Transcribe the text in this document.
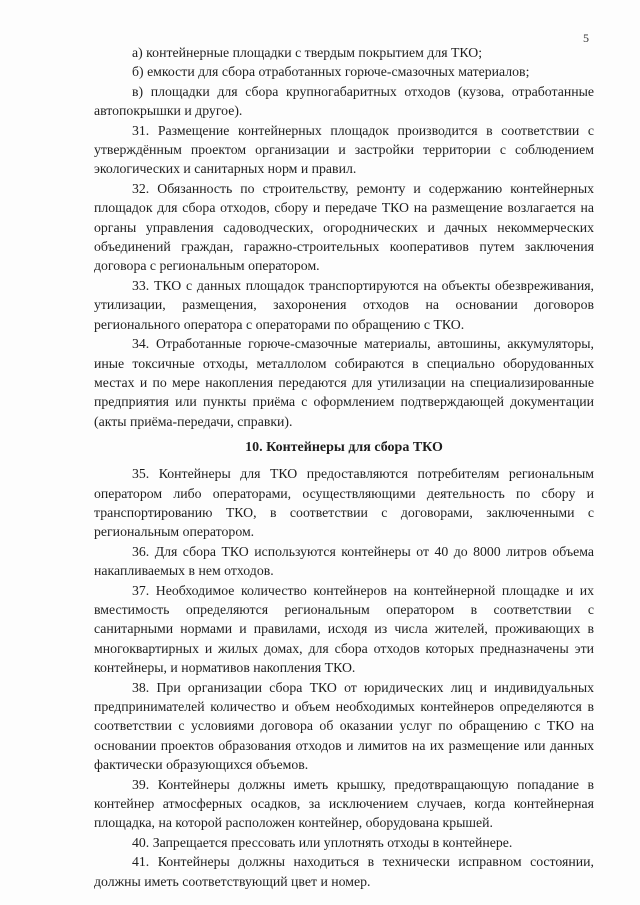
5

а) контейнерные площадки с твердым покрытием для ТКО;

б) емкости для сбора отработанных горюче-смазочных материалов;

в) площадки для сбора крупногабаритных отходов (кузова, отработанные автопокрышки и другое).

31. Размещение контейнерных площадок производится в соответствии с утверждённым проектом организации и застройки территории с соблюдением экологических и санитарных норм и правил.

32. Обязанность по строительству, ремонту и содержанию контейнерных площадок для сбора отходов, сбору и передаче ТКО на размещение возлагается на органы управления садоводческих, огороднических и дачных некоммерческих объединений граждан, гаражно-строительных кооперативов путем заключения договора с региональным оператором.

33. ТКО с данных площадок транспортируются на объекты обезвреживания, утилизации, размещения, захоронения отходов на основании договоров регионального оператора с операторами по обращению с ТКО.

34. Отработанные горюче-смазочные материалы, автошины, аккумуляторы, иные токсичные отходы, металлолом собираются в специально оборудованных местах и по мере накопления передаются для утилизации на специализированные предприятия или пункты приёма с оформлением подтверждающей документации (акты приёма-передачи, справки).

10. Контейнеры для сбора ТКО

35. Контейнеры для ТКО предоставляются потребителям региональным оператором либо операторами, осуществляющими деятельность по сбору и транспортированию ТКО, в соответствии с договорами, заключенными с региональным оператором.

36. Для сбора ТКО используются контейнеры от 40 до 8000 литров объема накапливаемых в нем отходов.

37. Необходимое количество контейнеров на контейнерной площадке и их вместимость определяются региональным оператором в соответствии с санитарными нормами и правилами, исходя из числа жителей, проживающих в многоквартирных и жилых домах, для сбора отходов которых предназначены эти контейнеры, и нормативов накопления ТКО.

38. При организации сбора ТКО от юридических лиц и индивидуальных предпринимателей количество и объем необходимых контейнеров определяются в соответствии с условиями договора об оказании услуг по обращению с ТКО на основании проектов образования отходов и лимитов на их размещение или данных фактически образующихся объемов.

39. Контейнеры должны иметь крышку, предотвращающую попадание в контейнер атмосферных осадков, за исключением случаев, когда контейнерная площадка, на которой расположен контейнер, оборудована крышей.

40. Запрещается прессовать или уплотнять отходы в контейнере.

41. Контейнеры должны находиться в технически исправном состоянии, должны иметь соответствующий цвет и номер.
